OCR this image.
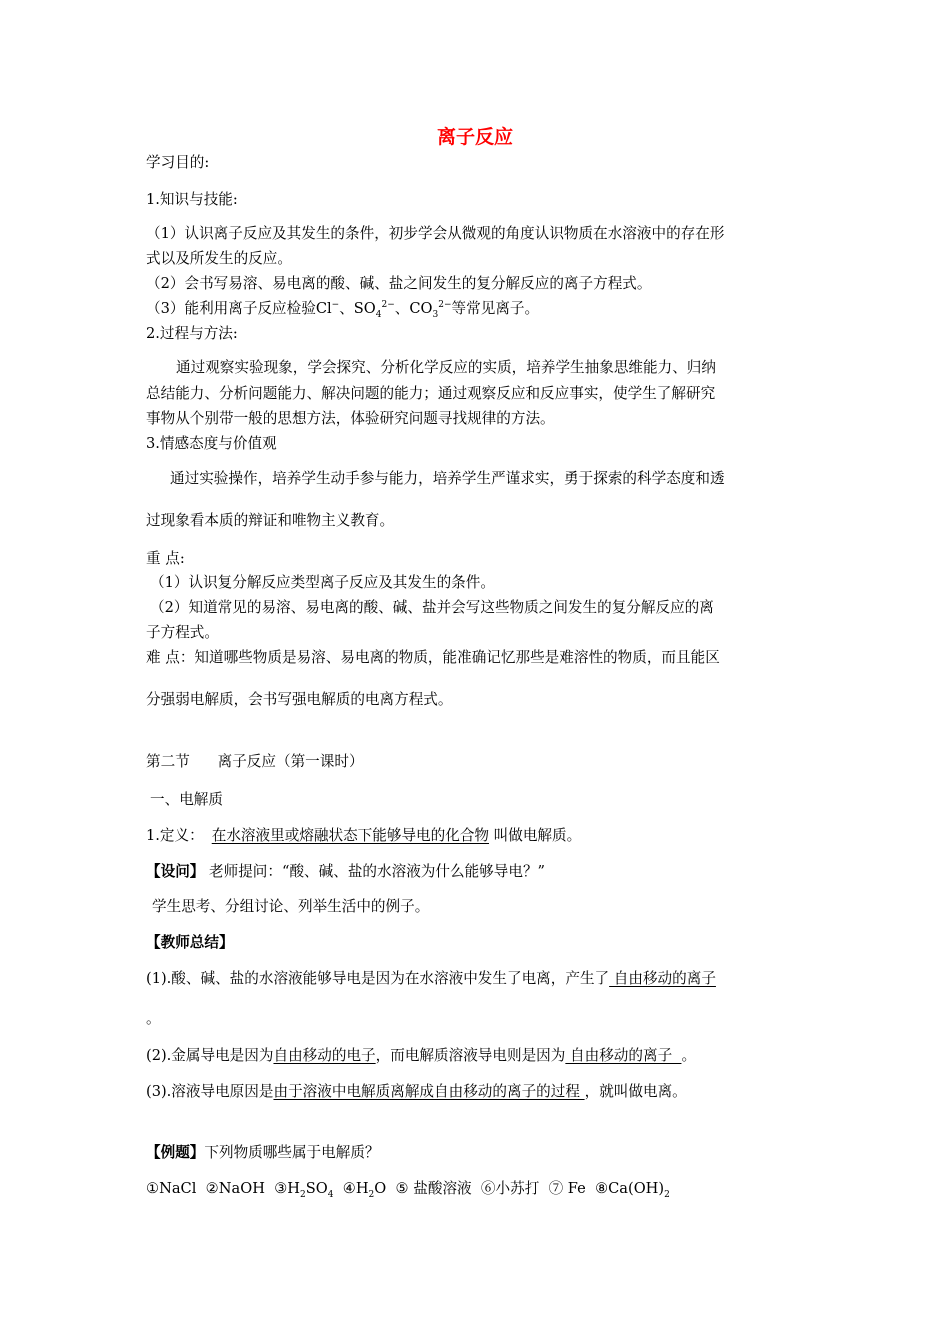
离子反应
学习目的:
1.知识与技能:
（1）认识离子反应及其发生的条件，初步学会从微观的角度认识物质在水溶液中的存在形
式以及所发生的反应。
（2）会书写易溶、易电离的酸、碱、盐之间发生的复分解反应的离子方程式。
（3）能利用离子反应检验Cl−、$SO_4^{2-}$、$CO_3^{2-}$等常见离子。
2.过程与方法:
通过观察实验现象，学会探究、分析化学反应的实质，培养学生抽象思维能力、归纳
总结能力、分析问题能力、解决问题的能力；通过观察反应和反应事实，使学生了解研究
事物从个别带一般的思想方法，体验研究问题寻找规律的方法。
3.情感态度与价值观
通过实验操作，培养学生动手参与能力，培养学生严谨求实，勇于探索的科学态度和透
过现象看本质的辩证和唯物主义教育。
重 点:
（1）认识复分解反应类型离子反应及其发生的条件。
（2）知道常见的易溶、易电离的酸、碱、盐并会写这些物质之间发生的复分解反应的离
子方程式。
难 点：知道哪些物质是易溶、易电离的物质，能准确记忆那些是难溶性的物质，而且能区
分强弱电解质，会书写强电解质的电离方程式。
第二节      离子反应（第一课时）
一、电解质
1.定义： 在水溶液里或熔融状态下能够导电的化合物 叫做电解质。
【设问】 老师提问：“酸、碱、盐的水溶液为什么能够导电？”
学生思考、分组讨论、列举生活中的例子。
【教师总结】
(1).酸、碱、盐的水溶液能够导电是因为在水溶液中发生了电离，产生了 自由移动的离子
。
(2).金属导电是因为自由移动的电子，而电解质溶液导电则是因为 自由移动的离子  。
(3).溶液导电原因是由于溶液中电解质离解成自由移动的离子的过程 ，就叫做电离。
【例题】下列物质哪些属于电解质？
①NaCl  ②NaOH  $③H_2SO_4$  $④H_2O$  ⑤ 盐酸溶液  ⑥小苏打  ⑦ Fe  $⑧Ca(OH)_2$
